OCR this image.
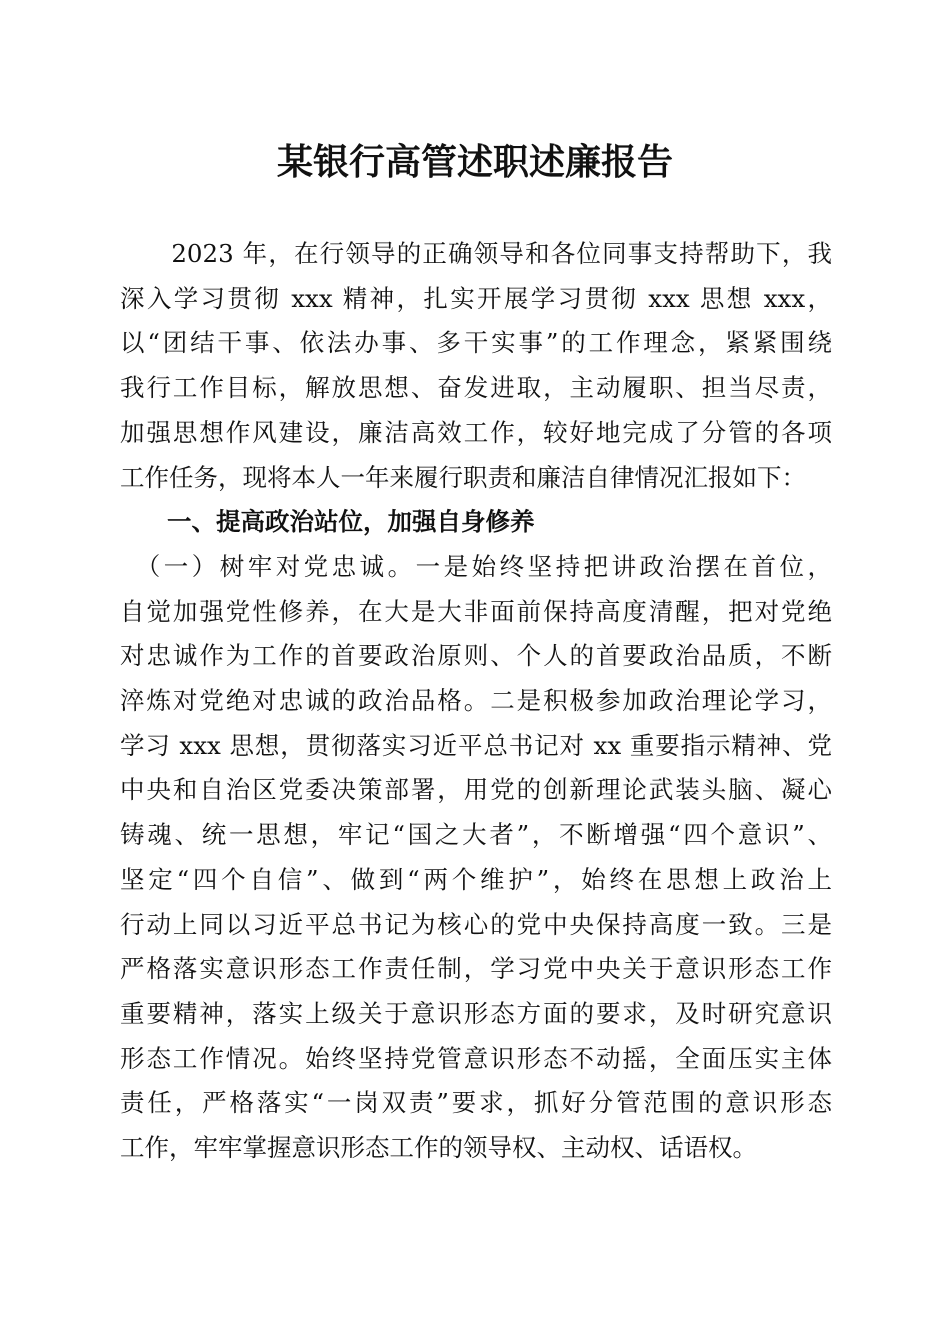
某银行高管述职述廉报告
　　2023 年，在行领导的正确领导和各位同事支持帮助下，我
深入学习贯彻 xxx 精神，扎实开展学习贯彻 xxx 思想 xxx，
以“团结干事、依法办事、多干实事”的工作理念，紧紧围绕
我行工作目标，解放思想、奋发进取，主动履职、担当尽责，
加强思想作风建设，廉洁高效工作，较好地完成了分管的各项
工作任务，现将本人一年来履行职责和廉洁自律情况汇报如下：
一、提高政治站位，加强自身修养
　（一）树牢对党忠诚。一是始终坚持把讲政治摆在首位，
自觉加强党性修养，在大是大非面前保持高度清醒，把对党绝
对忠诚作为工作的首要政治原则、个人的首要政治品质，不断
淬炼对党绝对忠诚的政治品格。二是积极参加政治理论学习，
学习 xxx 思想，贯彻落实习近平总书记对 xx 重要指示精神、党
中央和自治区党委决策部署，用党的创新理论武装头脑、凝心
铸魂、统一思想，牢记“国之大者”，不断增强“四个意识”、
坚定“四个自信”、做到“两个维护”，始终在思想上政治上
行动上同以习近平总书记为核心的党中央保持高度一致。三是
严格落实意识形态工作责任制，学习党中央关于意识形态工作
重要精神，落实上级关于意识形态方面的要求，及时研究意识
形态工作情况。始终坚持党管意识形态不动摇，全面压实主体
责任，严格落实“一岗双责”要求，抓好分管范围的意识形态
工作，牢牢掌握意识形态工作的领导权、主动权、话语权。
